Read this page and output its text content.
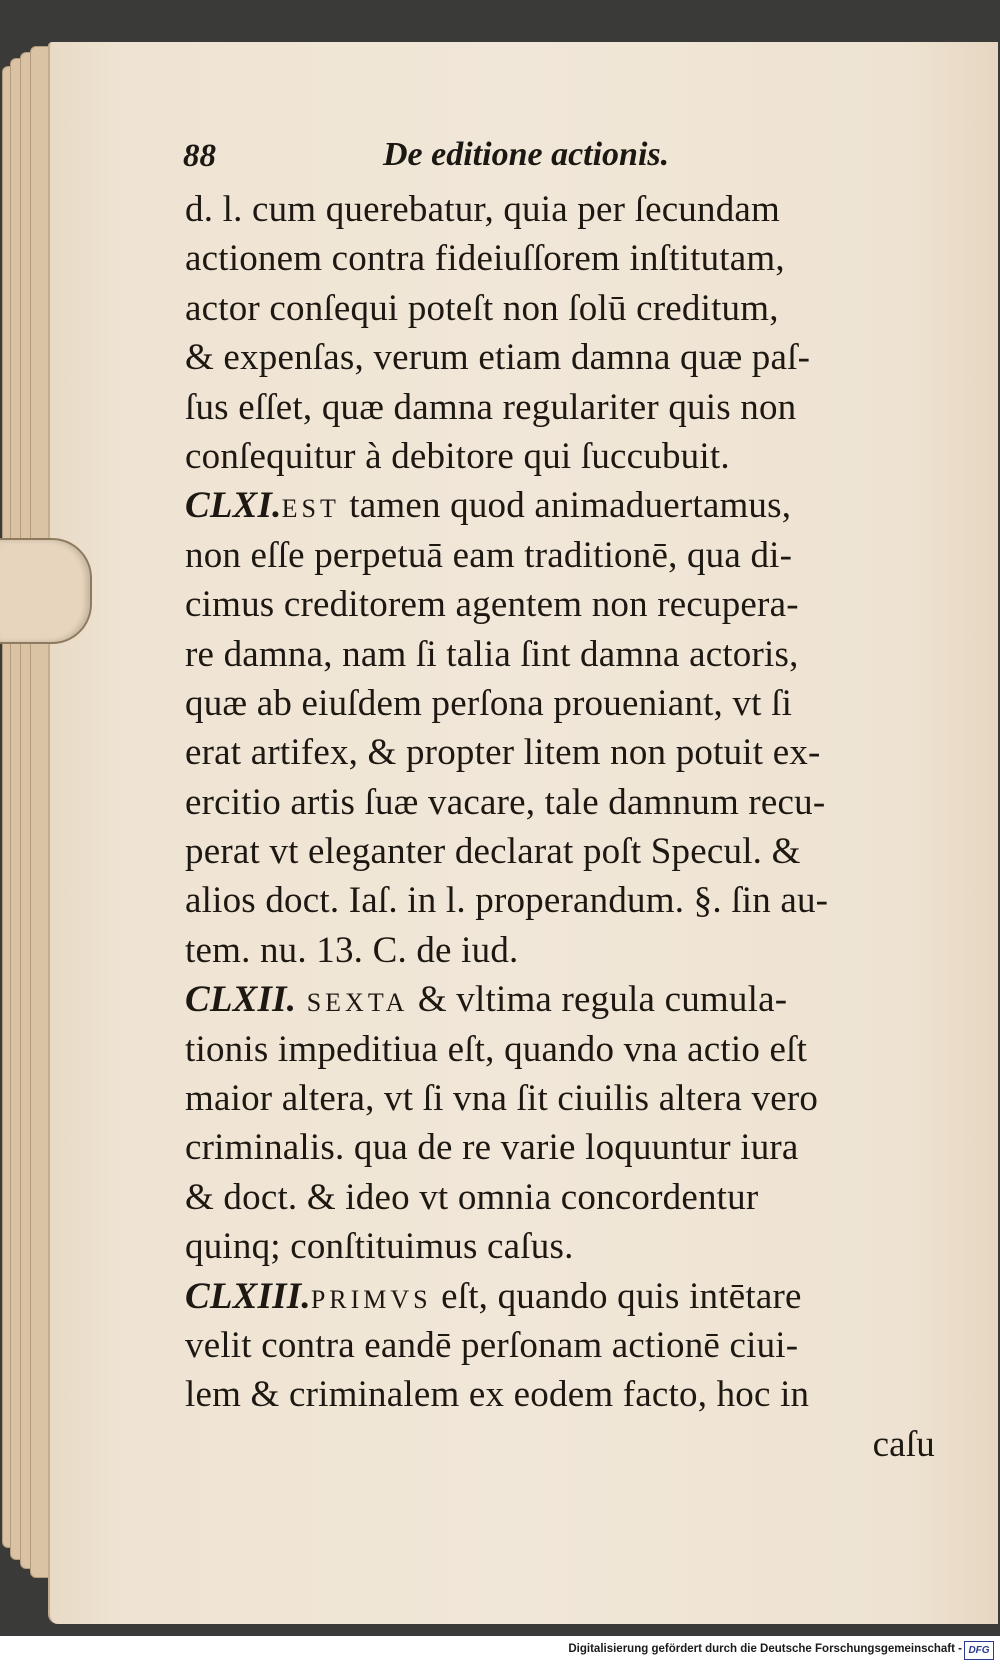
88	De editione actionis.
d. l. cum querebatur, quia per ſecundam
actionem contra fideiuſſorem inſtitutam,
actor conſequi poteſt non ſolū creditum,
& expenſas, verum etiam damna quæ paſ-
ſus eſſet, quæ damna regulariter quis non
conſequitur à debitore qui ſuccubuit.
CLXI.EST tamen quod animaduertamus,
non eſſe perpetuā eam traditionē, qua di-
cimus creditorem agentem non recupera-
re damna, nam ſi talia ſint damna actoris,
quæ ab eiuſdem perſona proueniant, vt ſi
erat artifex, & propter litem non potuit ex-
ercitio artis ſuæ vacare, tale damnum recu-
perat vt eleganter declarat poſt Specul. &
alios doct. Iaſ. in l. properandum. §. ſin au-
tem. nu. 13. C. de iud.
CLXII. SEXTA & vltima regula cumula-
tionis impeditiua eſt, quando vna actio eſt
maior altera, vt ſi vna ſit ciuilis altera vero
criminalis. qua de re varie loquuntur iura
& doct. & ideo vt omnia concordentur
quinq; conſtituimus caſus.
CLXIII.PRIMVS eſt, quando quis intētare
velit contra eandē perſonam actionē ciui-
lem & criminalem ex eodem facto, hoc in
caſu
Digitalisierung gefördert durch die Deutsche Forschungsgemeinschaft - DFG
